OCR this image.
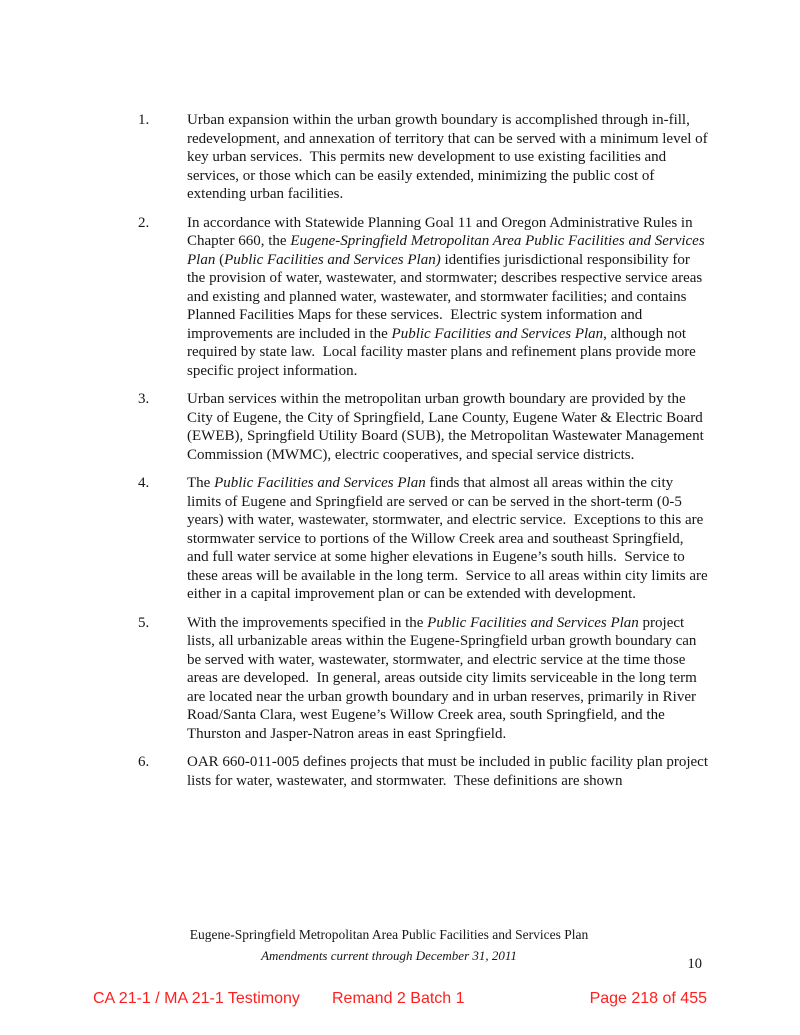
1.	Urban expansion within the urban growth boundary is accomplished through in-fill, redevelopment, and annexation of territory that can be served with a minimum level of key urban services.  This permits new development to use existing facilities and services, or those which can be easily extended, minimizing the public cost of extending urban facilities.
2.	In accordance with Statewide Planning Goal 11 and Oregon Administrative Rules in Chapter 660, the Eugene-Springfield Metropolitan Area Public Facilities and Services Plan (Public Facilities and Services Plan) identifies jurisdictional responsibility for the provision of water, wastewater, and stormwater; describes respective service areas and existing and planned water, wastewater, and stormwater facilities; and contains Planned Facilities Maps for these services.  Electric system information and improvements are included in the Public Facilities and Services Plan, although not required by state law.  Local facility master plans and refinement plans provide more specific project information.
3.	Urban services within the metropolitan urban growth boundary are provided by the City of Eugene, the City of Springfield, Lane County, Eugene Water & Electric Board (EWEB), Springfield Utility Board (SUB), the Metropolitan Wastewater Management Commission (MWMC), electric cooperatives, and special service districts.
4.	The Public Facilities and Services Plan finds that almost all areas within the city limits of Eugene and Springfield are served or can be served in the short-term (0-5 years) with water, wastewater, stormwater, and electric service.  Exceptions to this are stormwater service to portions of the Willow Creek area and southeast Springfield, and full water service at some higher elevations in Eugene’s south hills.  Service to these areas will be available in the long term.  Service to all areas within city limits are either in a capital improvement plan or can be extended with development.
5.	With the improvements specified in the Public Facilities and Services Plan project lists, all urbanizable areas within the Eugene-Springfield urban growth boundary can be served with water, wastewater, stormwater, and electric service at the time those areas are developed.  In general, areas outside city limits serviceable in the long term are located near the urban growth boundary and in urban reserves, primarily in River Road/Santa Clara, west Eugene’s Willow Creek area, south Springfield, and the Thurston and Jasper-Natron areas in east Springfield.
6.	OAR 660-011-005 defines projects that must be included in public facility plan project lists for water, wastewater, and stormwater.  These definitions are shown
Eugene-Springfield Metropolitan Area Public Facilities and Services Plan
Amendments current through December 31, 2011
10
CA 21-1 / MA 21-1 Testimony Remand 2 Batch 1	Page 218 of 455
